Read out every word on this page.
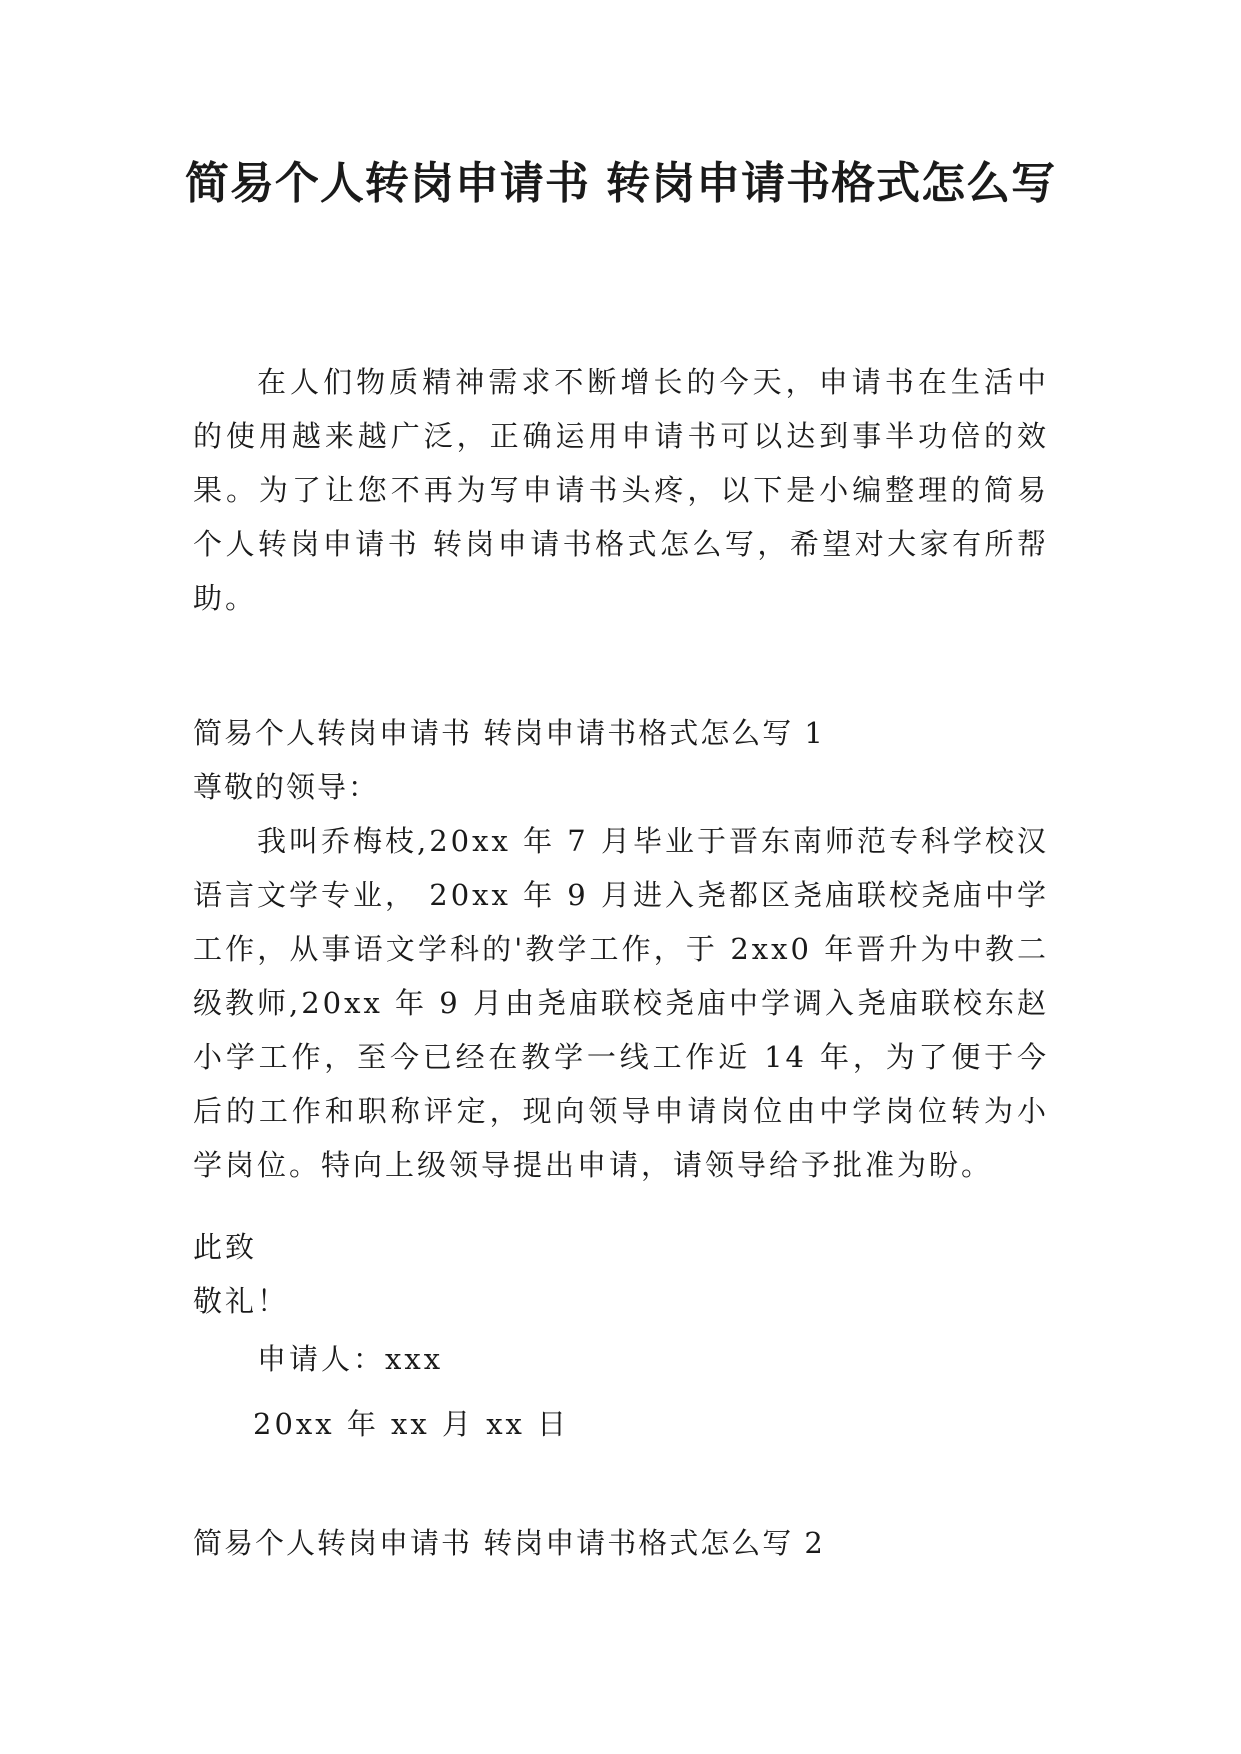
简易个人转岗申请书 转岗申请书格式怎么写

在人们物质精神需求不断增长的今天，申请书在生活中的使用越来越广泛，正确运用申请书可以达到事半功倍的效果。为了让您不再为写申请书头疼，以下是小编整理的简易个人转岗申请书 转岗申请书格式怎么写，希望对大家有所帮助。

简易个人转岗申请书 转岗申请书格式怎么写 1

尊敬的领导：

我叫乔梅枝,20xx 年 7 月毕业于晋东南师范专科学校汉语言文学专业， 20xx 年 9 月进入尧都区尧庙联校尧庙中学工作，从事语文学科的'教学工作，于 2xx0 年晋升为中教二级教师,20xx 年 9 月由尧庙联校尧庙中学调入尧庙联校东赵小学工作，至今已经在教学一线工作近 14 年，为了便于今后的工作和职称评定，现向领导申请岗位由中学岗位转为小学岗位。特向上级领导提出申请，请领导给予批准为盼。

此致

敬礼！

申请人：xxx

20xx 年 xx 月 xx 日

简易个人转岗申请书 转岗申请书格式怎么写 2
